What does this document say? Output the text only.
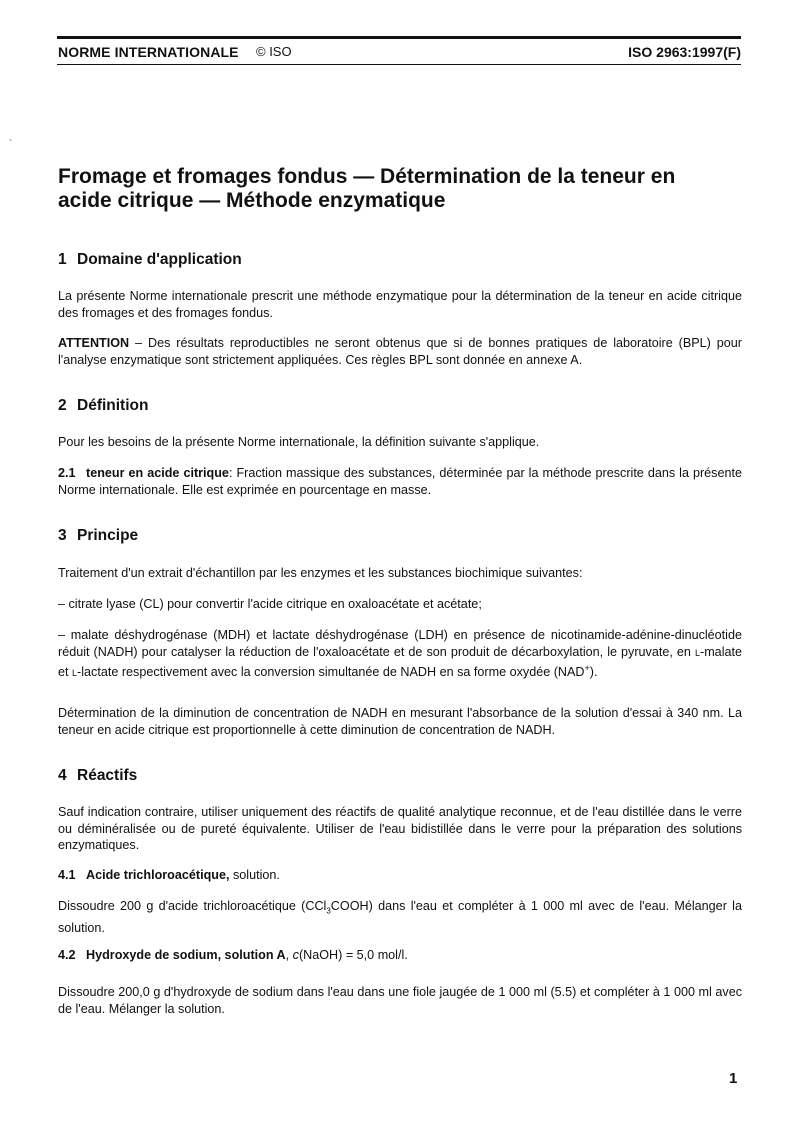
NORME INTERNATIONALE © ISO	ISO 2963:1997(F)
`
Fromage et fromages fondus — Détermination de la teneur en
acide citrique — Méthode enzymatique
1 Domaine d'application

La présente Norme internationale prescrit une méthode enzymatique pour la détermination de la teneur en acide citrique des fromages et des fromages fondus.

ATTENTION – Des résultats reproductibles ne seront obtenus que si de bonnes pratiques de laboratoire (BPL) pour l'analyse enzymatique sont strictement appliquées. Ces règles BPL sont donnée en annexe A.

2 Définition

Pour les besoins de la présente Norme internationale, la définition suivante s'applique.

2.1 teneur en acide citrique: Fraction massique des substances, déterminée par la méthode prescrite dans la présente Norme internationale. Elle est exprimée en pourcentage en masse.

3 Principe

Traitement d'un extrait d'échantillon par les enzymes et les substances biochimique suivantes:

– citrate lyase (CL) pour convertir l'acide citrique en oxaloacétate et acétate;

– malate déshydrogénase (MDH) et lactate déshydrogénase (LDH) en présence de nicotinamide-adénine-dinucléotide réduit (NADH) pour catalyser la réduction de l'oxaloacétate et de son produit de décarboxylation, le pyruvate, en l-malate et l-lactate respectivement avec la conversion simultanée de NADH en sa forme oxydée (NAD+).

Détermination de la diminution de concentration de NADH en mesurant l'absorbance de la solution d'essai à 340 nm. La teneur en acide citrique est proportionnelle à cette diminution de concentration de NADH.

4 Réactifs

Sauf indication contraire, utiliser uniquement des réactifs de qualité analytique reconnue, et de l'eau distillée dans le verre ou déminéralisée ou de pureté équivalente. Utiliser de l'eau bidistillée dans le verre pour la préparation des solutions enzymatiques.

4.1 Acide trichloroacétique, solution.

Dissoudre 200 g d'acide trichloroacétique (CCl$_3$COOH) dans l'eau et compléter à 1 000 ml avec de l'eau. Mélanger la solution.

4.2 Hydroxyde de sodium, solution A, c(NaOH) = 5,0 mol/l.

Dissoudre 200,0 g d'hydroxyde de sodium dans l'eau dans une fiole jaugée de 1 000 ml (5.5) et compléter à 1 000 ml avec de l'eau. Mélanger la solution.

1
